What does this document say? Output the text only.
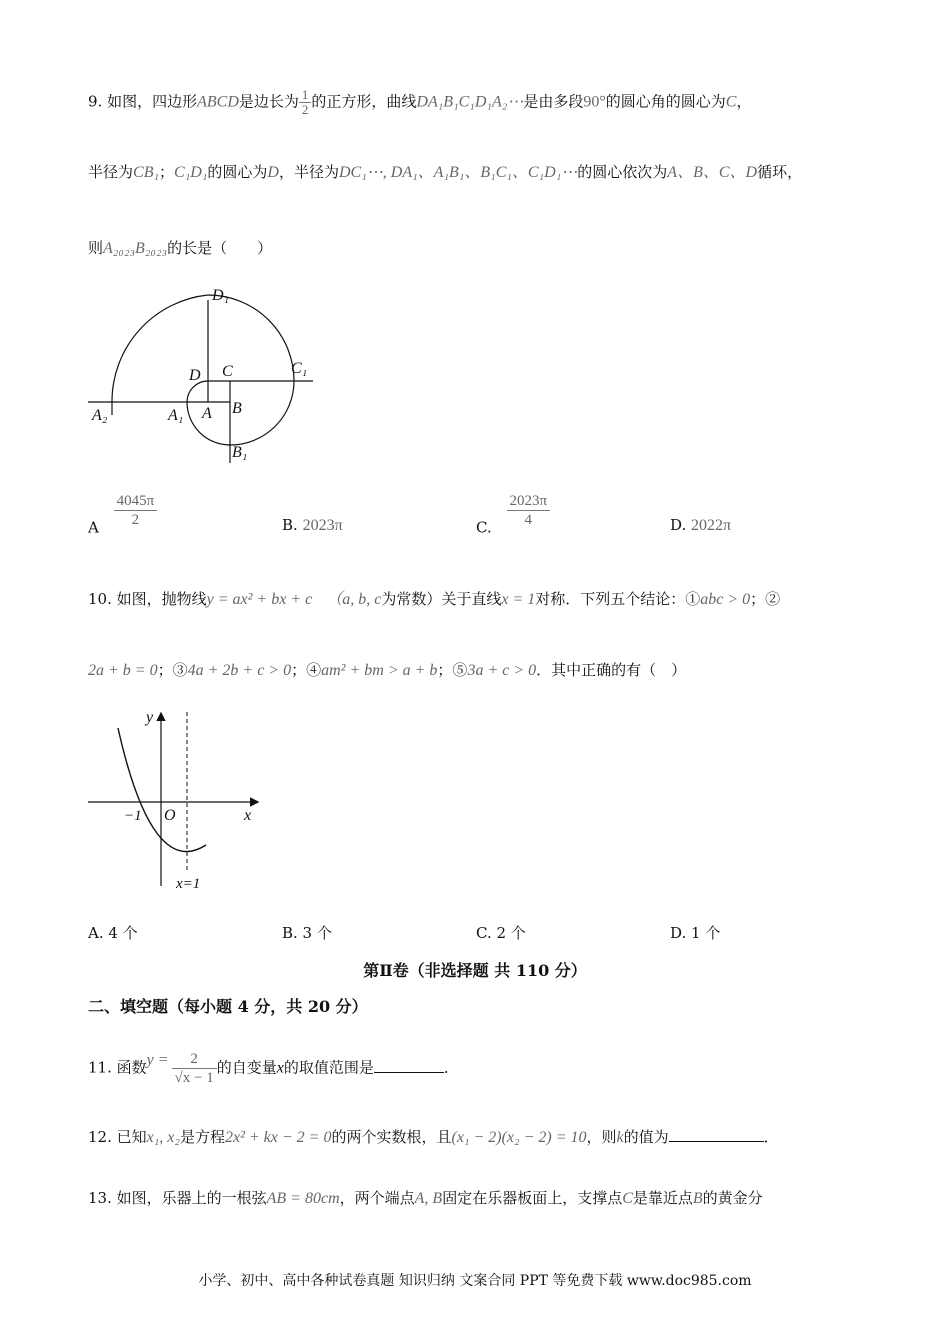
9. 如图，四边形ABCD是边长为 $\frac{1}{2}$ 的正方形，曲线DA₁B₁C₁D₁A₂⋯是由多段90°的圆心角的圆心为C，
半径为CB₁；C₁D₁的圆心为D，半径为DC₁⋯, DA₁、A₁B₁、B₁C₁、C₁D₁⋯的圆心依次为A、B、C、D循环，
则A₂₀₂₃B₂₀₂₃的长是（　　）
D₁
C₁
D C
A₂	A₁ A B
B₁
A $\frac{4045\pi}{2}$	B. 2023π	C. $\frac{2023\pi}{4}$	D. 2022π
10. 如图，抛物线y = ax² + bx + c （a, b, c为常数）关于直线x = 1对称．下列五个结论：①abc > 0；②
2a + b = 0；③4a + 2b + c > 0；④am² + bm > a + b；⑤3a + c > 0．其中正确的有（　）
y
x
O
−1
x=1
A. 4 个	B. 3 个	C. 2 个	D. 1 个
第Ⅱ卷（非选择题 共 110 分）
二、填空题（每小题 4 分，共 20 分）
11. 函数$y = \frac{2}{√x - 1}$ 的自变量x的取值范围是	．
12. 已知x₁, x₂是方程2x² + kx − 2 = 0的两个实数根，且(x₁ − 2)(x₂ − 2) = 10，则k的值为	．
13. 如图，乐器上的一根弦AB = 80cm，两个端点A, B固定在乐器板面上，支撑点C是靠近点B的黄金分
小学、初中、高中各种试卷真题 知识归纳 文案合同 PPT 等免费下载 www.doc985.com
